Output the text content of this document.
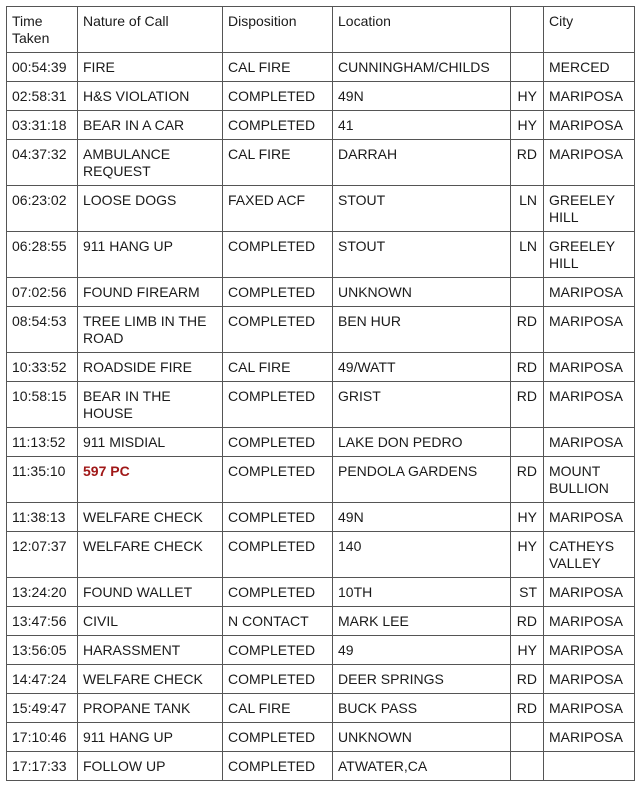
Time Taken	Nature of Call	Disposition	Location		City
00:54:39	FIRE	CAL FIRE	CUNNINGHAM/CHILDS		MERCED
02:58:31	H&S VIOLATION	COMPLETED	49N	HY	MARIPOSA
03:31:18	BEAR IN A CAR	COMPLETED	41	HY	MARIPOSA
04:37:32	AMBULANCE REQUEST	CAL FIRE	DARRAH	RD	MARIPOSA
06:23:02	LOOSE DOGS	FAXED ACF	STOUT	LN	GREELEY HILL
06:28:55	911 HANG UP	COMPLETED	STOUT	LN	GREELEY HILL
07:02:56	FOUND FIREARM	COMPLETED	UNKNOWN		MARIPOSA
08:54:53	TREE LIMB IN THE ROAD	COMPLETED	BEN HUR	RD	MARIPOSA
10:33:52	ROADSIDE FIRE	CAL FIRE	49/WATT	RD	MARIPOSA
10:58:15	BEAR IN THE HOUSE	COMPLETED	GRIST	RD	MARIPOSA
11:13:52	911 MISDIAL	COMPLETED	LAKE DON PEDRO		MARIPOSA
11:35:10	597 PC	COMPLETED	PENDOLA GARDENS	RD	MOUNT BULLION
11:38:13	WELFARE CHECK	COMPLETED	49N	HY	MARIPOSA
12:07:37	WELFARE CHECK	COMPLETED	140	HY	CATHEYS VALLEY
13:24:20	FOUND WALLET	COMPLETED	10TH	ST	MARIPOSA
13:47:56	CIVIL	N CONTACT	MARK LEE	RD	MARIPOSA
13:56:05	HARASSMENT	COMPLETED	49	HY	MARIPOSA
14:47:24	WELFARE CHECK	COMPLETED	DEER SPRINGS	RD	MARIPOSA
15:49:47	PROPANE TANK	CAL FIRE	BUCK PASS	RD	MARIPOSA
17:10:46	911 HANG UP	COMPLETED	UNKNOWN		MARIPOSA
17:17:33	FOLLOW UP	COMPLETED	ATWATER,CA		
